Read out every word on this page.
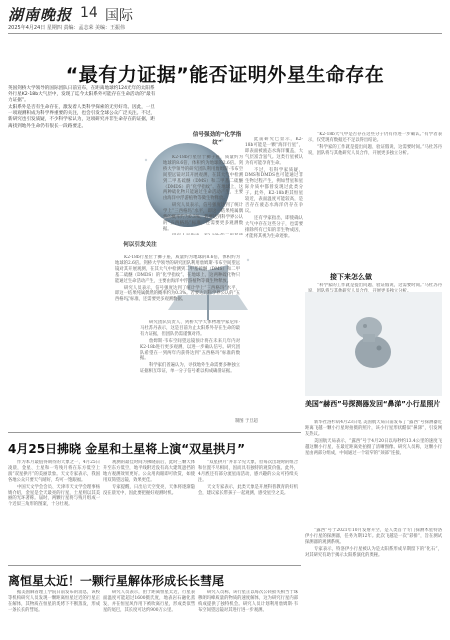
湖南晚报 14 国际
2025年4月24日 星期四 责编：孟志荣 美编：王振伟
“最有力证据”能否证明外星生命存在

英国剑桥大学领导的国际团队日前宣布，在距离地球约124光年的太阳系外行星K2-18b大气层中，发现了迄今太阳系外可能存在生命活动的“最有力证据”。

太阳系外是否有生命存在，激发着人类科学探索的无穷好奇。因此，一旦一项观测积成为科学界重要的关注，也会引发全球公众广泛关注。不过，新研究也引发质疑，不少科学家认为，这项研究并非生命存在的证据，距离找到地外生命仍有很长一段路要走。

信号强劲的“化学指纹”

K2-18b行星位于狮子座，质量约为地球的8.6倍，体积约为地球的2.6倍。剑桥大学领导的研究团队利用詹姆斯·韦布空间望远镜对其开展观测，在其大气中检测到二甲基硫醚（DMS）和二甲基二硫醚（DMDS）的“化学指纹”。在地球上，这两种硫化物只能通过生命活动产生，主要由海洋中浮游植物等微生物释放。

研究人员表示，信号强度达到了统计学上“三西格玛”水平，即这一结果纯属偶然的概率约为0.3%。若要达到科学界公认的“五西格玛”标准，还需要更多观测数据。

何以引发关注

K2-18b行星位于狮子座，质量约为地球的8.6倍，体积约为地球的2.6倍。剑桥大学领导的研究团队利用詹姆斯·韦布空间望远镜对其开展观测，在其大气中检测到二甲基硫醚（DMS）和二甲基二硫醚（DMDS）的“化学指纹”。在地球上，这两种硫化物只能通过生命活动产生，主要由海洋中浮游植物等微生物释放。

研究人员表示，信号强度达到了统计学上“三西格玛”水平，即这一结果纯属偶然的概率约为0.3%。若要达到科学界公认的“五西格玛”标准，还需要更多观测数据。

此前研究已显示，K2-18b可能是一颗“海洋行星”，即表面被液态水海洋覆盖，大气层富含氢气。这类行星被认为有可能孕育生命。

不过，有科学家质疑，DMS和DMDS也可能通过非生物过程产生，例如彗星和星际介质中都曾发现过此类分子。此外，K2-18b距其恒星较近，表面温度可能较高，是否存在液态水海洋仍存在争议。

还有学家指出，即使确认大气中存在这些分子，也需要排除所有已知的非生物成因，才能将其视为生命迹象。

研究团队负责人、剑桥大学天体物理学家尼库·马杜苏丹表示，这是目前为止太阳系外存在生命的最有力证据，但团队仍需谨慎对待。

詹姆斯·韦布空间望远镜预计将在未来几年内对K2-18b进行更多观测，以进一步确认信号。研究团队希望在一到两年内获得达到“五西格玛”标准的数据。

科学家们普遍认为，寻找地外生命需要多种独立证据相互印证，单一分子信号难以构成确凿证据。

制图 于旦超

“K2-18b大气中是否存在这些分子仍有待进一步确认。”有学者表示，仅凭现有数据还不足以得出结论。

“科学家的工作就是提出问题、验证假说，这需要时间。”马杜苏丹说，团队将与其他研究人员合作，开展更多独立分析。

接下来怎么做

“科学家的工作就是提出问题、验证假说，这需要时间。”马杜苏丹

4月25日拂晓 金星和土星将上演“双星拱月”

作为本月最值得期待的天象之一，4月25日凌晨，金星、土星和一弯残月将在东方低空上演“双星拱月”的美丽景象。天文专家表示，我国各地公众只要天气晴好，均可一饱眼福。

中国天文学会会员、天津市天文学会理事杨婧介绍，金星是全天最亮的行星，土星则以其美丽的光环著称。届时，两颗行星将与残月组成一个近似三角形的图案，十分壮观。

观测的最佳时间为拂晓前后，此时三颗天体升至东方低空，地平线附近没有高大建筑遮挡的地方观测效果更好。公众用肉眼即可欣赏，如使用双筒望远镜，效果更佳。

专家提醒，日出后天空变亮，天体将逐渐隐没在晨光中，因此要把握好观测时机。

“双星拱月”并非罕见天象，但每次出现时的组合和位置不尽相同，因而具有独特的观赏价值。此外，4月底还有部分流星雨活动，感兴趣的公众可持续关注。

天文专家表示，此类天象是开展科普教育的好机会，建议家长带孩子一起观测，感受星空之美。

离恒星太近！一颗行星解体形成长长彗尾

据美国麻省理工学院日前发布的消息，该校等机构研究人员发现一颗距离恒星过近的行星正在解体，其物质在恒星的炙烤下不断蒸发，形成一条长长的彗尾。

研究人员表示，由于距离恒星太近，行星表面温度可能超过1600摄氏度，地表岩石融化蒸发，并在恒星风作用下被吹离行星，形成类似彗星的尾巴，其长度可达约900万公里。

研究人员称，该行星正以每次公转损失相当于珠穆朗玛峰质量的物质的速度解体，这为研究行星内部构成提供了独特机会。研究人员计划利用詹姆斯·韦布空间望远镜对其进行进一步观测。

美国“赫西”号探测器发回“鼻涕”小行星照片

新华社洛杉矶4月23日电 美国航天局日前发布了“露西”号探测器近距离飞越一颗小行星时拍摄的照片，该小行星形状酷似“鼻涕”，引发网友热议。

美国航天局表示，“露西”号于4月20日以每秒约13.4公里的速度飞越这颗小行星，在最近距离处拍摄了清晰图像。研究人员称，这颗小行星由两部分组成，中间通过一个较窄的“颈部”连接。

“露西”号于2021年10月发射升空，是人类首个专门探测木星特洛伊小行星的探测器，任务为期12年。此次飞越是一次“彩排”，旨在测试探测器的观测系统。

专家表示，特洛伊小行星被认为是太阳系形成早期留下的“化石”，对其研究有助于揭示太阳系演化的奥秘。
